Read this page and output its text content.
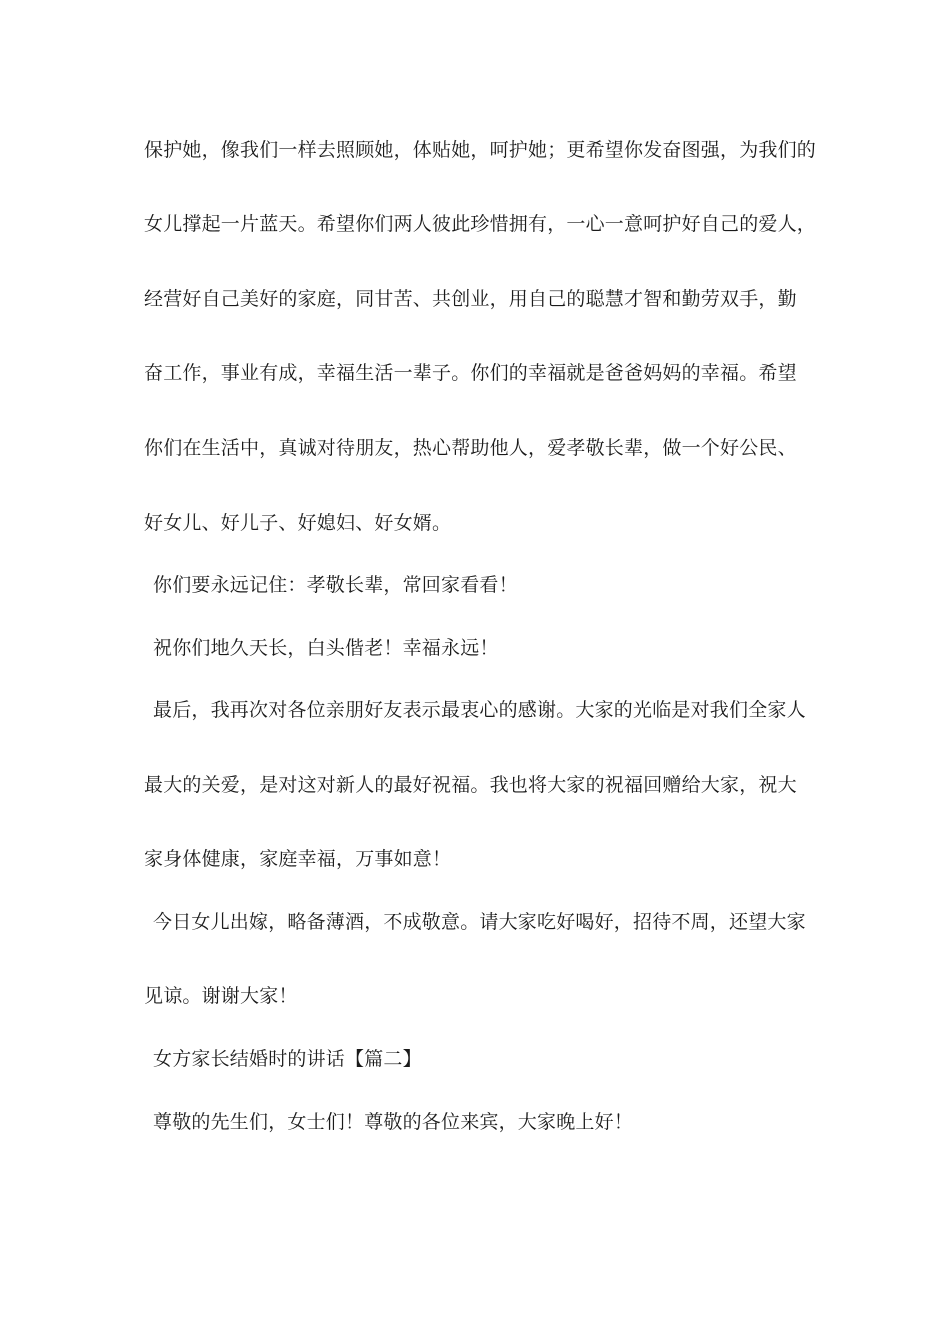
保护她，像我们一样去照顾她，体贴她，呵护她；更希望你发奋图强，为我们的
女儿撑起一片蓝天。希望你们两人彼此珍惜拥有，一心一意呵护好自己的爱人，
经营好自己美好的家庭，同甘苦、共创业，用自己的聪慧才智和勤劳双手，勤
奋工作，事业有成，幸福生活一辈子。你们的幸福就是爸爸妈妈的幸福。希望
你们在生活中，真诚对待朋友，热心帮助他人，爱孝敬长辈，做一个好公民、
好女儿、好儿子、好媳妇、好女婿。
你们要永远记住：孝敬长辈，常回家看看！
祝你们地久天长，白头偕老！幸福永远！
最后，我再次对各位亲朋好友表示最衷心的感谢。大家的光临是对我们全家人
最大的关爱，是对这对新人的最好祝福。我也将大家的祝福回赠给大家，祝大
家身体健康，家庭幸福，万事如意！
今日女儿出嫁，略备薄酒，不成敬意。请大家吃好喝好，招待不周，还望大家
见谅。谢谢大家！
女方家长结婚时的讲话【篇二】
尊敬的先生们，女士们！尊敬的各位来宾，大家晚上好！
